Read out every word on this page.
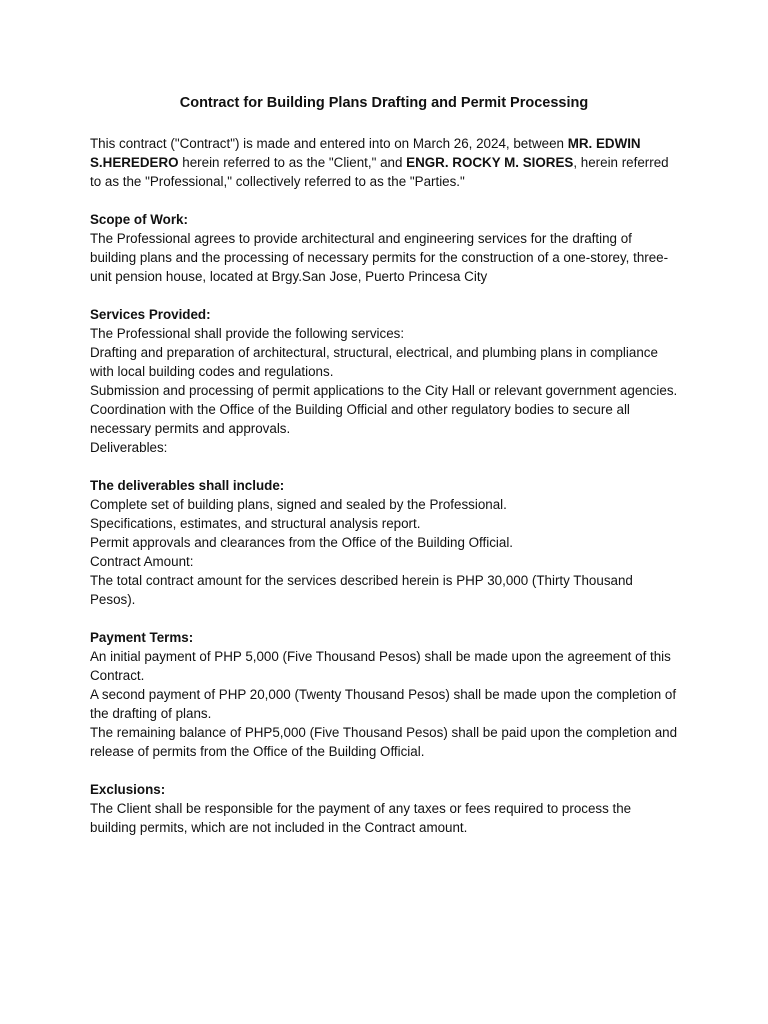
Contract for Building Plans Drafting and Permit Processing

This contract ("Contract") is made and entered into on March 26, 2024, between MR. EDWIN S.HEREDERO herein referred to as the "Client," and ENGR. ROCKY M. SIORES, herein referred to as the "Professional," collectively referred to as the "Parties."

Scope of Work:

The Professional agrees to provide architectural and engineering services for the drafting of building plans and the processing of necessary permits for the construction of a one-storey, three-unit pension house, located at Brgy.San Jose, Puerto Princesa City

Services Provided:

The Professional shall provide the following services:

Drafting and preparation of architectural, structural, electrical, and plumbing plans in compliance with local building codes and regulations.

Submission and processing of permit applications to the City Hall or relevant government agencies.

Coordination with the Office of the Building Official and other regulatory bodies to secure all necessary permits and approvals.

Deliverables:

The deliverables shall include:

Complete set of building plans, signed and sealed by the Professional.

Specifications, estimates, and structural analysis report.

Permit approvals and clearances from the Office of the Building Official.

Contract Amount:

The total contract amount for the services described herein is PHP 30,000 (Thirty Thousand Pesos).

Payment Terms:

An initial payment of PHP 5,000 (Five Thousand Pesos) shall be made upon the agreement of this Contract.

A second payment of PHP 20,000 (Twenty Thousand Pesos) shall be made upon the completion of the drafting of plans.

The remaining balance of PHP5,000 (Five Thousand Pesos) shall be paid upon the completion and release of permits from the Office of the Building Official.

Exclusions:

The Client shall be responsible for the payment of any taxes or fees required to process the building permits, which are not included in the Contract amount.
